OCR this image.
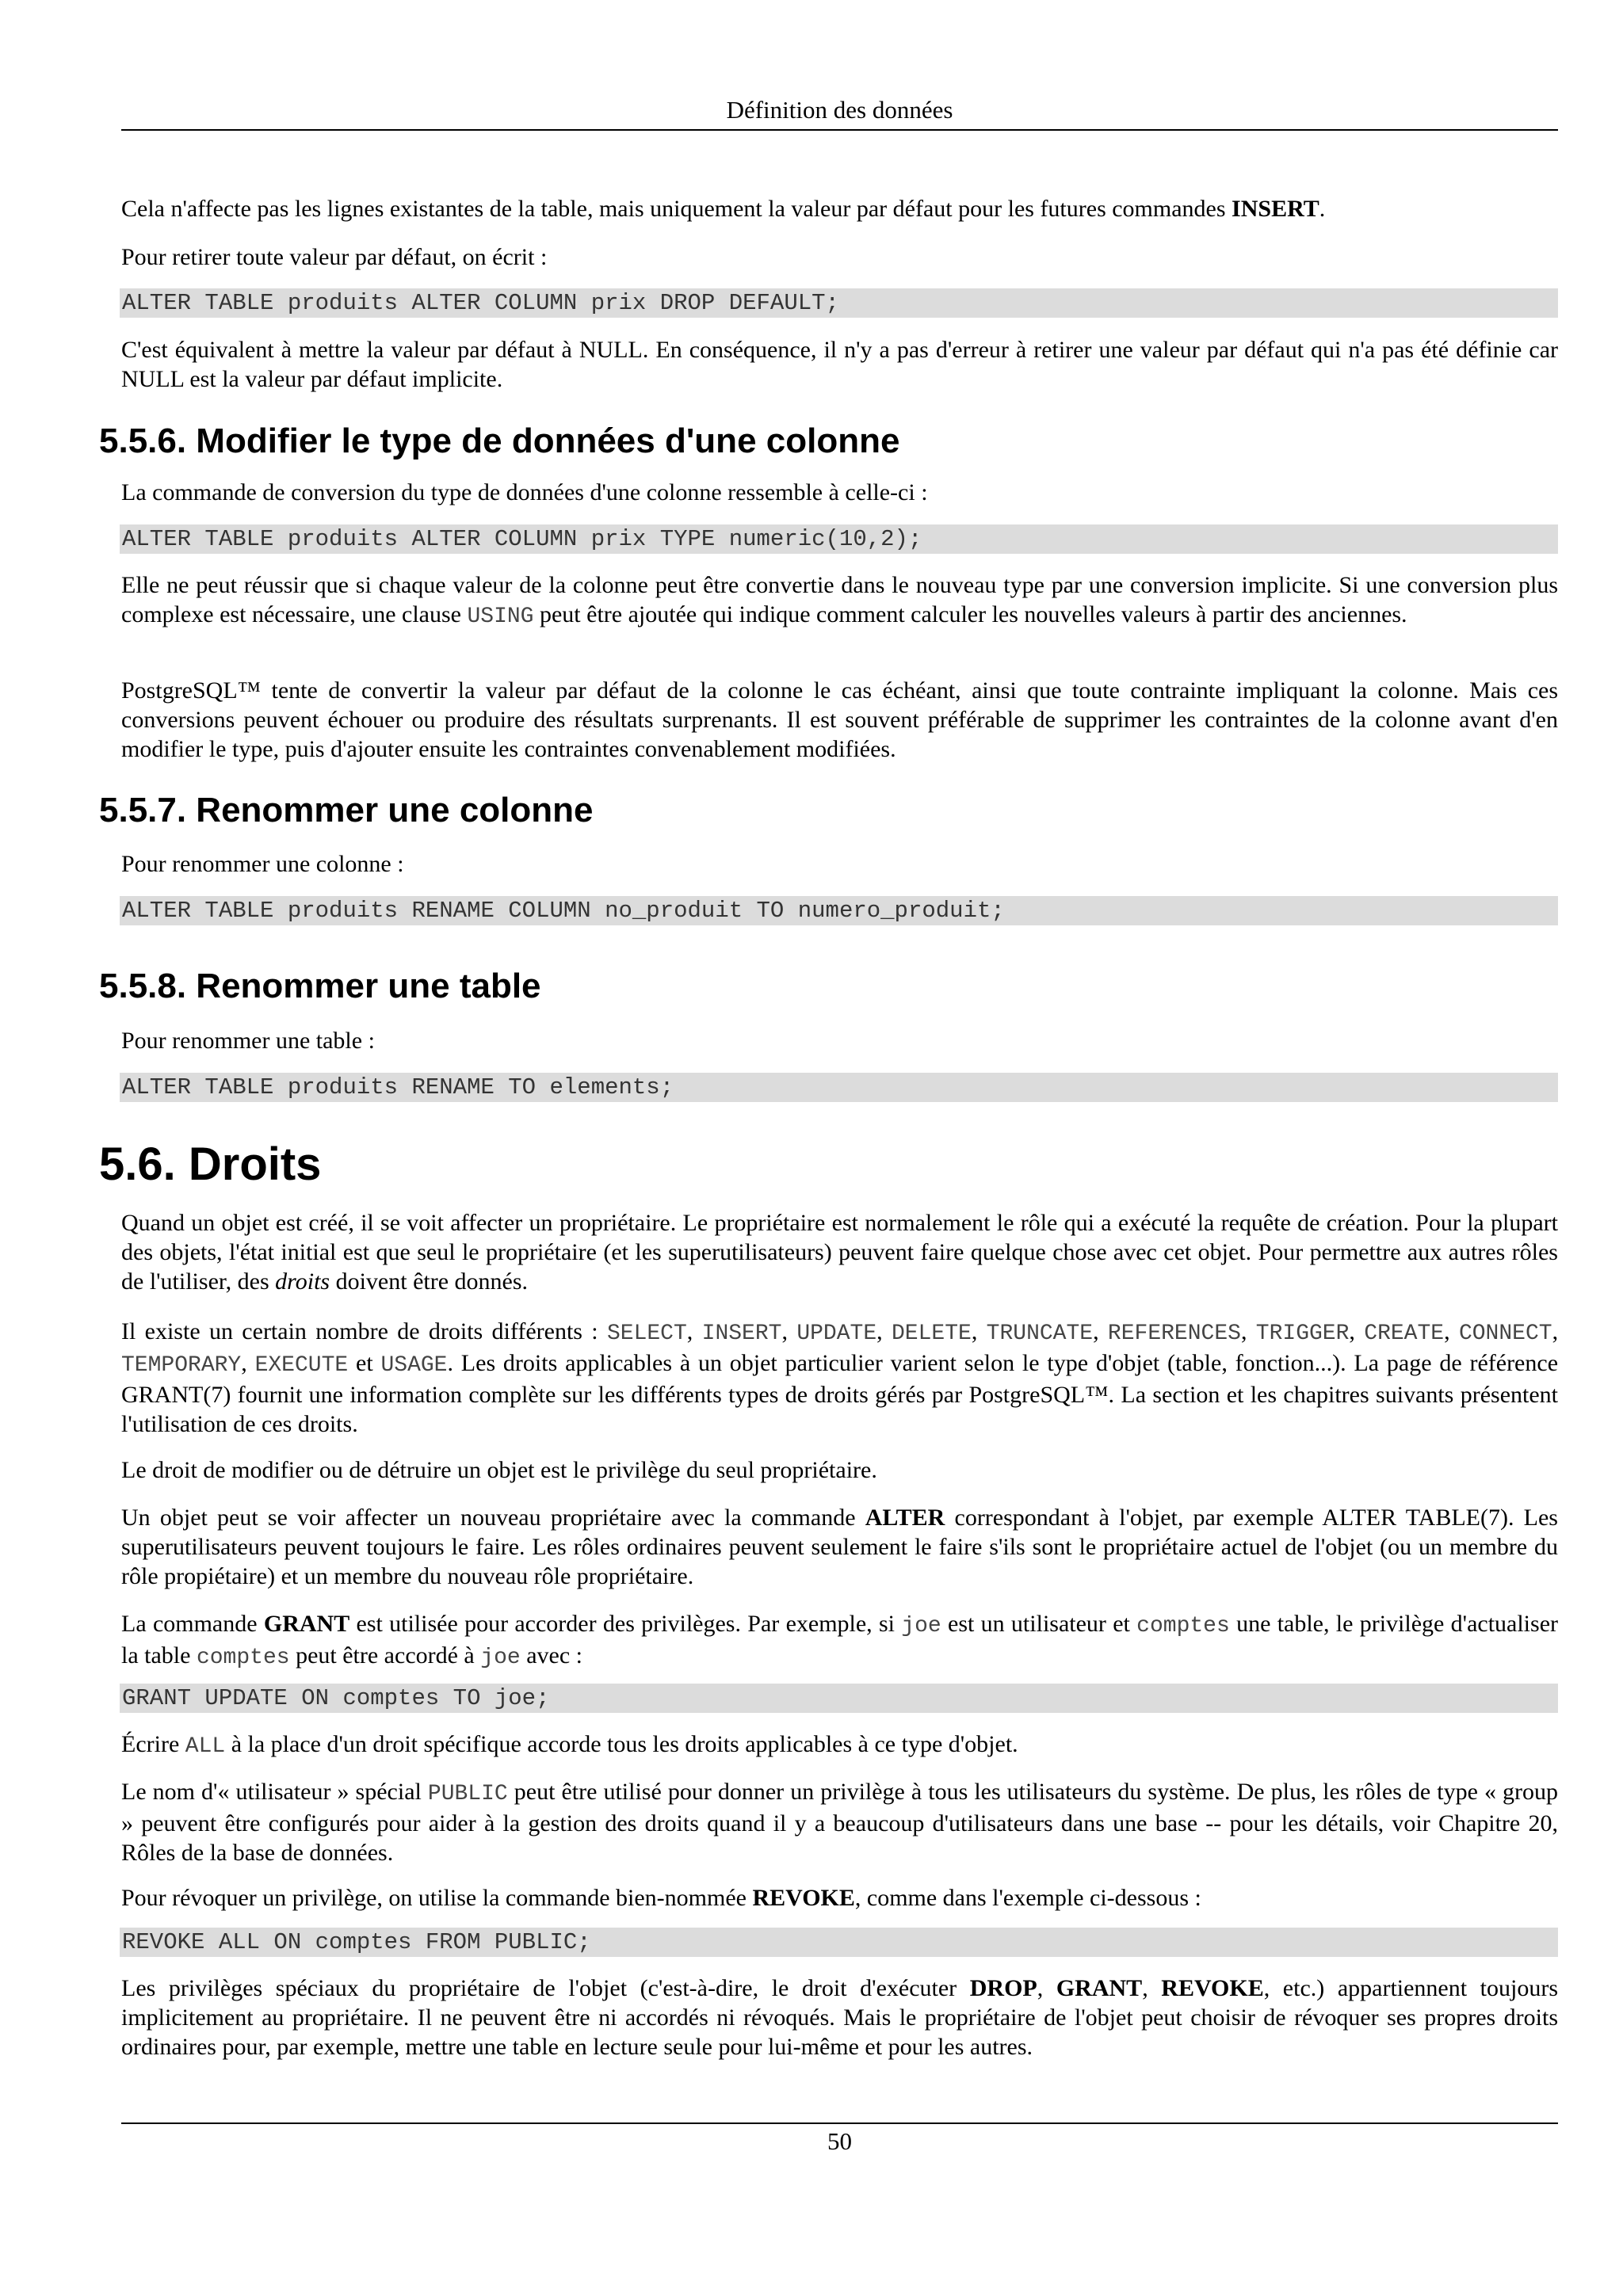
Définition des données

Cela n'affecte pas les lignes existantes de la table, mais uniquement la valeur par défaut pour les futures commandes INSERT.

Pour retirer toute valeur par défaut, on écrit :

ALTER TABLE produits ALTER COLUMN prix DROP DEFAULT;

C'est équivalent à mettre la valeur par défaut à NULL. En conséquence, il n'y a pas d'erreur à retirer une valeur par défaut qui n'a pas été définie car NULL est la valeur par défaut implicite.

5.5.6. Modifier le type de données d'une colonne

La commande de conversion du type de données d'une colonne ressemble à celle-ci :

ALTER TABLE produits ALTER COLUMN prix TYPE numeric(10,2);

Elle ne peut réussir que si chaque valeur de la colonne peut être convertie dans le nouveau type par une conversion implicite. Si une conversion plus complexe est nécessaire, une clause USING peut être ajoutée qui indique comment calculer les nouvelles valeurs à partir des anciennes.

PostgreSQL™ tente de convertir la valeur par défaut de la colonne le cas échéant, ainsi que toute contrainte impliquant la colonne. Mais ces conversions peuvent échouer ou produire des résultats surprenants. Il est souvent préférable de supprimer les contraintes de la colonne avant d'en modifier le type, puis d'ajouter ensuite les contraintes convenablement modifiées.

5.5.7. Renommer une colonne

Pour renommer une colonne :

ALTER TABLE produits RENAME COLUMN no_produit TO numero_produit;
5.5.8. Renommer une table

Pour renommer une table :

ALTER TABLE produits RENAME TO elements;
5.6. Droits

Quand un objet est créé, il se voit affecter un propriétaire. Le propriétaire est normalement le rôle qui a exécuté la requête de création. Pour la plupart des objets, l'état initial est que seul le propriétaire (et les superutilisateurs) peuvent faire quelque chose avec cet objet. Pour permettre aux autres rôles de l'utiliser, des droits doivent être donnés.

Il existe un certain nombre de droits différents : SELECT, INSERT, UPDATE, DELETE, TRUNCATE, REFERENCES, TRIGGER, CREATE, CONNECT, TEMPORARY, EXECUTE et USAGE. Les droits applicables à un objet particulier varient selon le type d'objet (table, fonction...). La page de référence GRANT(7) fournit une information complète sur les différents types de droits gérés par PostgreSQL™. La section et les chapitres suivants présentent l'utilisation de ces droits.

Le droit de modifier ou de détruire un objet est le privilège du seul propriétaire.

Un objet peut se voir affecter un nouveau propriétaire avec la commande ALTER correspondant à l'objet, par exemple ALTER TABLE(7). Les superutilisateurs peuvent toujours le faire. Les rôles ordinaires peuvent seulement le faire s'ils sont le propriétaire actuel de l'objet (ou un membre du rôle propiétaire) et un membre du nouveau rôle propriétaire.

La commande GRANT est utilisée pour accorder des privilèges. Par exemple, si joe est un utilisateur et comptes une table, le privilège d'actualiser la table comptes peut être accordé à joe avec :

GRANT UPDATE ON comptes TO joe;

Écrire ALL à la place d'un droit spécifique accorde tous les droits applicables à ce type d'objet.

Le nom d'« utilisateur » spécial PUBLIC peut être utilisé pour donner un privilège à tous les utilisateurs du système. De plus, les rôles de type « group » peuvent être configurés pour aider à la gestion des droits quand il y a beaucoup d'utilisateurs dans une base -- pour les détails, voir Chapitre 20, Rôles de la base de données.

Pour révoquer un privilège, on utilise la commande bien-nommée REVOKE, comme dans l'exemple ci-dessous :

REVOKE ALL ON comptes FROM PUBLIC;

Les privilèges spéciaux du propriétaire de l'objet (c'est-à-dire, le droit d'exécuter DROP, GRANT, REVOKE, etc.) appartiennent toujours implicitement au propriétaire. Il ne peuvent être ni accordés ni révoqués. Mais le propriétaire de l'objet peut choisir de révoquer ses propres droits ordinaires pour, par exemple, mettre une table en lecture seule pour lui-même et pour les autres.

50
